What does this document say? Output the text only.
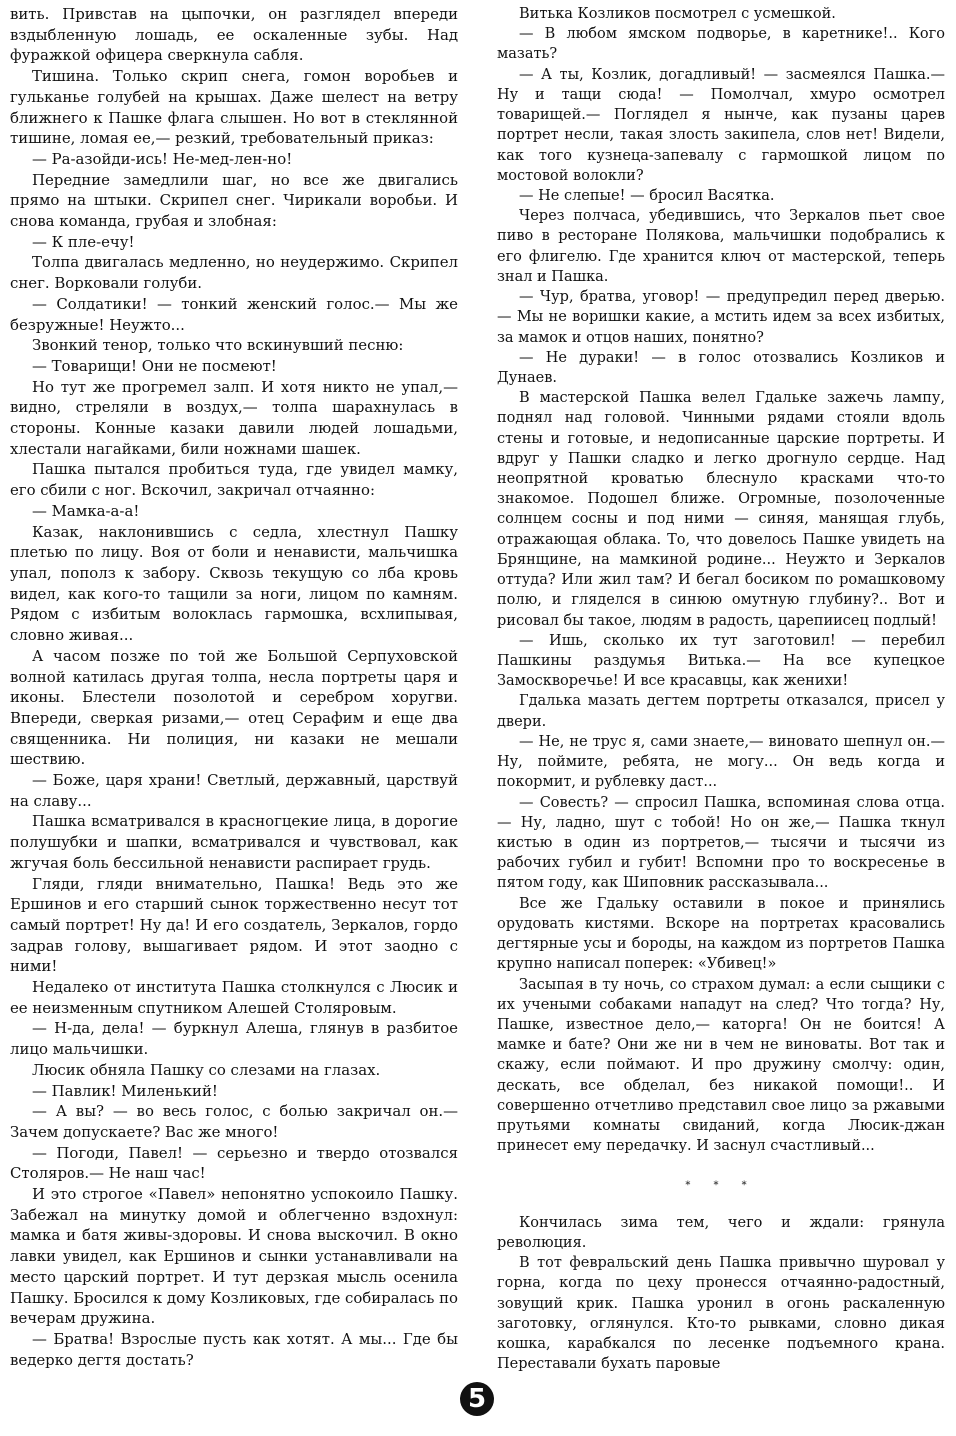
вить. Привстав на цыпочки, он разглядел впереди вздыбленную лошадь, ее оскаленные зубы. Над фуражкой офицера сверкнула сабля.

Тишина. Только скрип снега, гомон воробьев и гульканье голубей на крышах. Даже шелест на ветру ближнего к Пашке флага слышен. Но вот в стеклянной тишине, ломая ее,— резкий, требовательный приказ:

— Ра-азойди-ись! Не-мед-лен-но!

Передние замедлили шаг, но все же двигались прямо на штыки. Скрипел снег. Чирикали воробьи. И снова команда, грубая и злобная:

— К пле-ечу!

Толпа двигалась медленно, но неудержимо. Скрипел снег. Ворковали голуби.

— Солдатики! — тонкий женский голос.— Мы же безружные! Неужто...

Звонкий тенор, только что вскинувший песню:

— Товарищи! Они не посмеют!

Но тут же прогремел залп. И хотя никто не упал,— видно, стреляли в воздух,— толпа шарахнулась в стороны. Конные казаки давили людей лошадьми, хлестали нагайками, били ножнами шашек.

Пашка пытался пробиться туда, где увидел мамку, его сбили с ног. Вскочил, закричал отчаянно:

— Мамка-а-а!

Казак, наклонившись с седла, хлестнул Пашку плетью по лицу. Воя от боли и ненависти, мальчишка упал, пополз к забору. Сквозь текущую со лба кровь видел, как кого-то тащили за ноги, лицом по камням. Рядом с избитым волоклась гармошка, всхлипывая, словно живая...

А часом позже по той же Большой Серпуховской волной катилась другая толпа, несла портреты царя и иконы. Блестели позолотой и серебром хоругви. Впереди, сверкая ризами,— отец Серафим и еще два священника. Ни полиция, ни казаки не мешали шествию.

— Боже, царя храни! Светлый, державный, царствуй на славу...

Пашка всматривался в красногцекие лица, в дорогие полушубки и шапки, всматривался и чувствовал, как жгучая боль бессильной ненависти распирает грудь.

Гляди, гляди внимательно, Пашка! Ведь это же Ершинов и его старший сынок торжественно несут тот самый портрет! Ну да! И его создатель, Зеркалов, гордо задрав голову, вышагивает рядом. И этот заодно с ними!

Недалеко от института Пашка столкнулся с Люсик и ее неизменным спутником Алешей Столяровым.

— Н-да, дела! — буркнул Алеша, глянув в разбитое лицо мальчишки.

Люсик обняла Пашку со слезами на глазах.

— Павлик! Миленький!

— А вы? — во весь голос, с болью закричал он.— Зачем допускаете? Вас же много!

— Погоди, Павел! — серьезно и твердо отозвался Столяров.— Не наш час!

И это строгое «Павел» непонятно успокоило Пашку. Забежал на минутку домой и облегченно вздохнул: мамка и батя живы-здоровы. И снова выскочил. В окно лавки увидел, как Ершинов и сынки устанавливали на место царский портрет. И тут дерзкая мысль осенила Пашку. Бросился к дому Козликовых, где собиралась по вечерам дружина.

— Братва! Взрослые пусть как хотят. А мы... Где бы ведерко дегтя достать?

Витька Козликов посмотрел с усмешкой.

— В любом ямском подворье, в каретнике!.. Кого мазать?

— А ты, Козлик, догадливый! — засмеялся Пашка.— Ну и тащи сюда! — Помолчал, хмуро осмотрел товарищей.— Поглядел я нынче, как пузаны царев портрет несли, такая злость закипела, слов нет! Видели, как того кузнеца-запевалу с гармошкой лицом по мостовой волокли?

— Не слепые! — бросил Васятка.

Через полчаса, убедившись, что Зеркалов пьет свое пиво в ресторане Полякова, мальчишки подобрались к его флигелю. Где хранится ключ от мастерской, теперь знал и Пашка.

— Чур, братва, уговор! — предупредил перед дверью.— Мы не воришки какие, а мстить идем за всех избитых, за мамок и отцов наших, понятно?

— Не дураки! — в голос отозвались Козликов и Дунаев.

В мастерской Пашка велел Гдальке зажечь лампу, поднял над головой. Чинными рядами стояли вдоль стены и готовые, и недописанные царские портреты. И вдруг у Пашки сладко и легко дрогнуло сердце. Над неопрятной кроватью блеснуло красками что-то знакомое. Подошел ближе. Огромные, позолоченные солнцем сосны и под ними — синяя, манящая глубь, отражающая облака. То, что довелось Пашке увидеть на Брянщине, на мамкиной родине... Неужто и Зеркалов оттуда? Или жил там? И бегал босиком по ромашковому полю, и гляделся в синюю омутную глубину?.. Вот и рисовал бы такое, людям в радость, царепиисец подлый!

— Ишь, сколько их тут заготовил! — перебил Пашкины раздумья Витька.— На все купецкое Замоскворечье! И все красавцы, как женихи!

Гдалька мазать дегтем портреты отказался, присел у двери.

— Не, не трус я, сами знаете,— виновато шепнул он.— Ну, поймите, ребята, не могу... Он ведь когда и покормит, и рублевку даст...

— Совесть? — спросил Пашка, вспоминая слова отца.— Ну, ладно, шут с тобой! Но он же,— Пашка ткнул кистью в один из портретов,— тысячи и тысячи из рабочих губил и губит! Вспомни про то воскресенье в пятом году, как Шиповник рассказывала...

Все же Гдальку оставили в покое и принялись орудовать кистями. Вскоре на портретах красовались дегтярные усы и бороды, на каждом из портретов Пашка крупно написал поперек: «Убивец!»

Засыпая в ту ночь, со страхом думал: а если сыщики с их учеными собаками нападут на след? Что тогда? Ну, Пашке, известное дело,— каторга! Он не боится! А мамке и бате? Они же ни в чем не виноваты. Вот так и скажу, если поймают. И про дружину смолчу: один, дескать, все обделал, без никакой помощи!.. И совершенно отчетливо представил свое лицо за ржавыми прутьями комнаты свиданий, когда Люсик-джан принесет ему передачку. И заснул счастливый...

* * *

Кончилась зима тем, чего и ждали: грянула революция.

В тот февральский день Пашка привычно шуровал у горна, когда по цеху пронесся отчаянно-радостный, зовущий крик. Пашка уронил в огонь раскаленную заготовку, оглянулся. Кто-то рывками, словно дикая кошка, карабкался по лесенке подъемного крана. Переставали бухать паровые

5
